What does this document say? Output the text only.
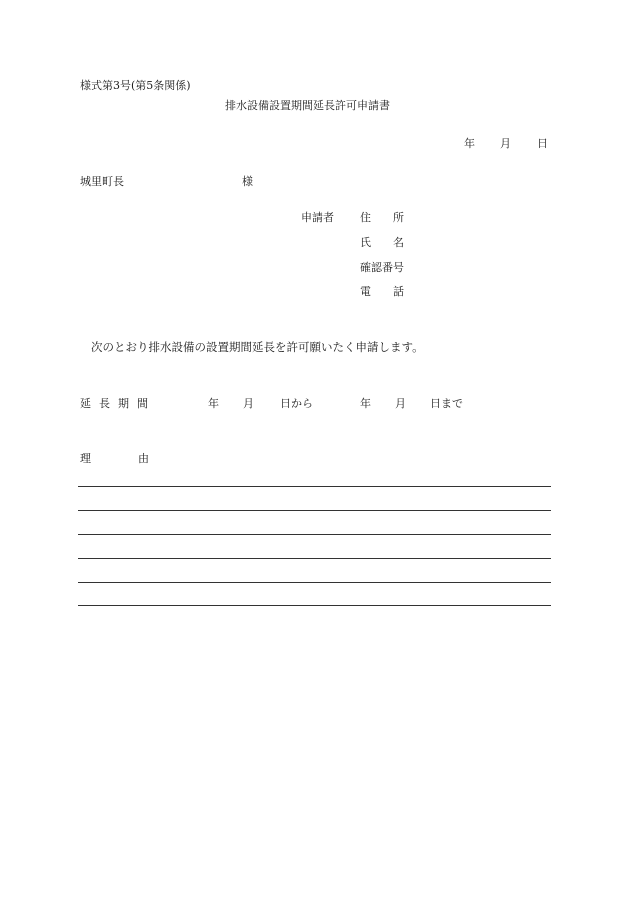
様式第3号(第5条関係)
排水設備設置期間延長許可申請書
年 月 日
城里町長	様
申請者 住 所
氏 名
確認番号
電 話
次のとおり排水設備の設置期間延長を許可願いたく申請します。
延 長 期 間	年 月 日から	年 月 日まで
理	由
